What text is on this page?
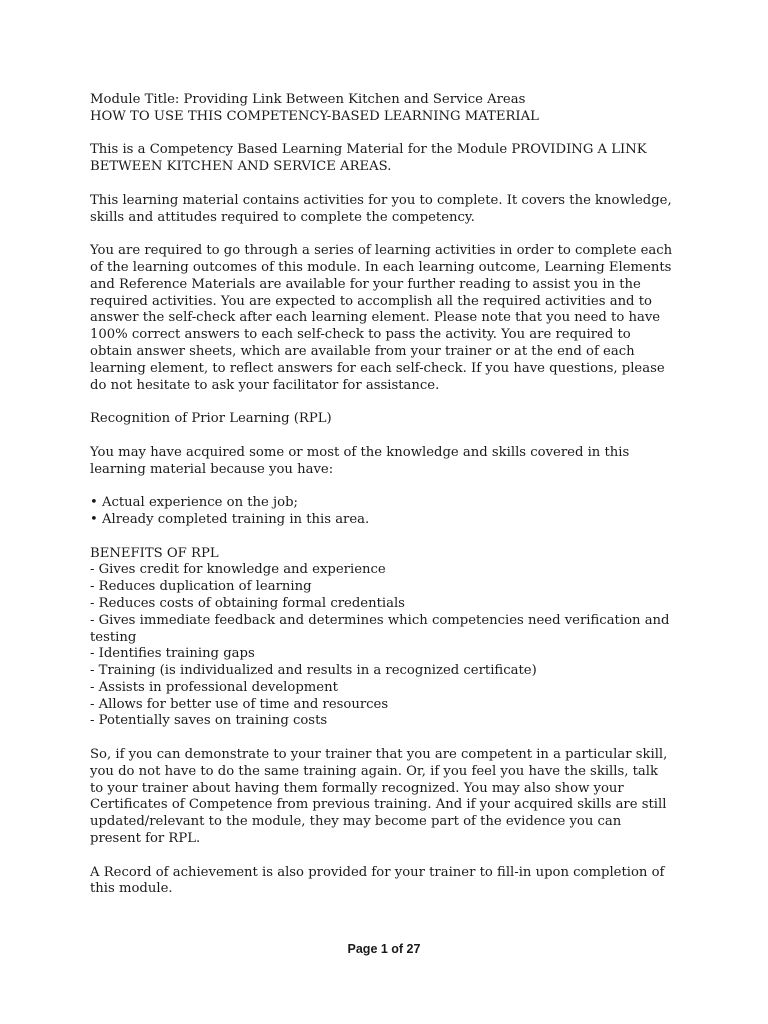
Module Title: Providing Link Between Kitchen and Service Areas
HOW TO USE THIS COMPETENCY-BASED LEARNING MATERIAL
This is a Competency Based Learning Material for the Module PROVIDING A LINK
BETWEEN KITCHEN AND SERVICE AREAS.
This learning material contains activities for you to complete. It covers the knowledge,
skills and attitudes required to complete the competency.
You are required to go through a series of learning activities in order to complete each
of the learning outcomes of this module. In each learning outcome, Learning Elements
and Reference Materials are available for your further reading to assist you in the
required activities. You are expected to accomplish all the required activities and to
answer the self-check after each learning element. Please note that you need to have
100% correct answers to each self-check to pass the activity. You are required to
obtain answer sheets, which are available from your trainer or at the end of each
learning element, to reflect answers for each self-check. If you have questions, please
do not hesitate to ask your facilitator for assistance.
Recognition of Prior Learning (RPL)
You may have acquired some or most of the knowledge and skills covered in this
learning material because you have:
• Actual experience on the job;
• Already completed training in this area.
BENEFITS OF RPL
- Gives credit for knowledge and experience
- Reduces duplication of learning
- Reduces costs of obtaining formal credentials
- Gives immediate feedback and determines which competencies need verification and
testing
- Identifies training gaps
- Training (is individualized and results in a recognized certificate)
- Assists in professional development
- Allows for better use of time and resources
- Potentially saves on training costs
So, if you can demonstrate to your trainer that you are competent in a particular skill,
you do not have to do the same training again. Or, if you feel you have the skills, talk
to your trainer about having them formally recognized. You may also show your
Certificates of Competence from previous training. And if your acquired skills are still
updated/relevant to the module, they may become part of the evidence you can
present for RPL.
A Record of achievement is also provided for your trainer to fill-in upon completion of
this module.
Page 1 of 27
